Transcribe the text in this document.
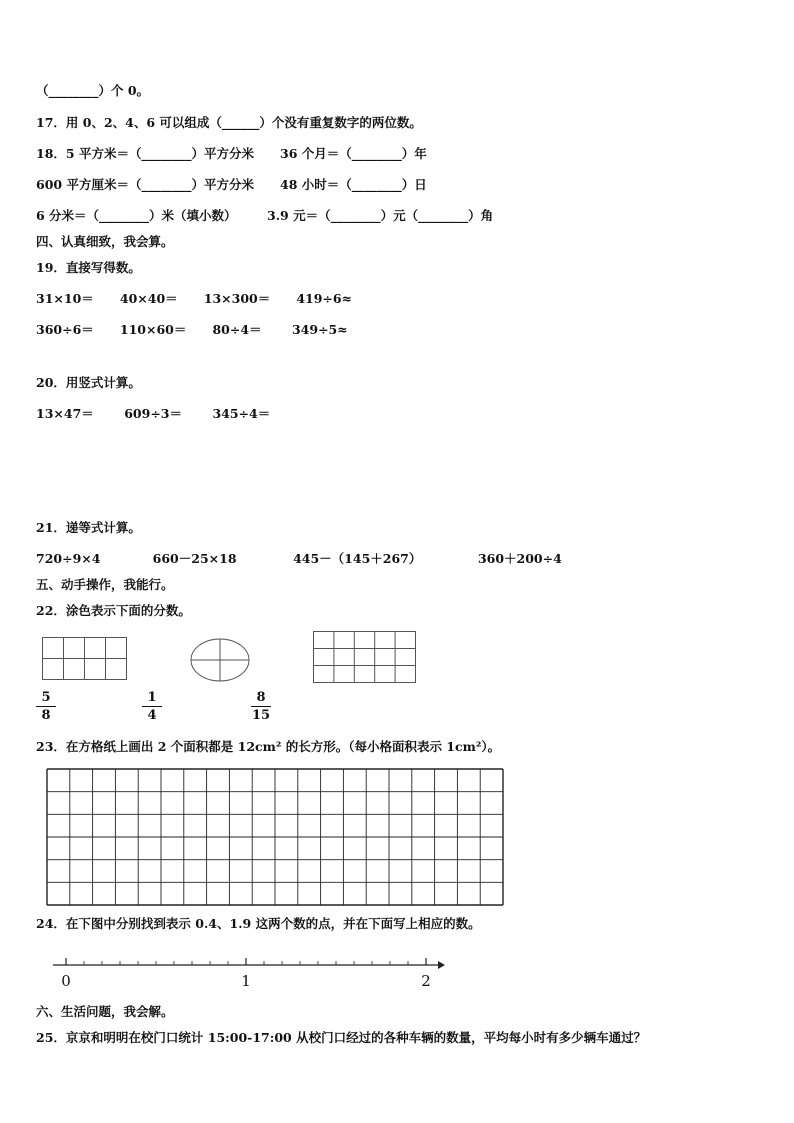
（________）个 0。
17．用 0、2、4、6 可以组成（______）个没有重复数字的两位数。
18．5 平方米＝（________）平方分米      36 个月＝（________）年
600 平方厘米＝（________）平方分米      48 小时＝（________）日
6 分米＝（________）米（填小数）       3.9 元＝（________）元（________）角
四、认真细致，我会算。
19．直接写得数。
31×10＝      40×40＝      13×300＝      419÷6≈
360÷6＝      110×60＝      80÷4＝       349÷5≈
20．用竖式计算。
13×47＝       609÷3＝       345÷4＝
21．递等式计算。
720÷9×4            660－25×18             445－（145＋267）             360＋200÷4
五、动手操作，我能行。
22．涂色表示下面的分数。
5
8
1
4
8
15
23．在方格纸上画出 2 个面积都是 12cm² 的长方形。（每小格面积表示 1cm²）。
24．在下图中分别找到表示 0.4、1.9 这两个数的点，并在下面写上相应的数。
0	1	2
六、生活问题，我会解。
25．京京和明明在校门口统计 15:00-17:00 从校门口经过的各种车辆的数量，平均每小时有多少辆车通过？
